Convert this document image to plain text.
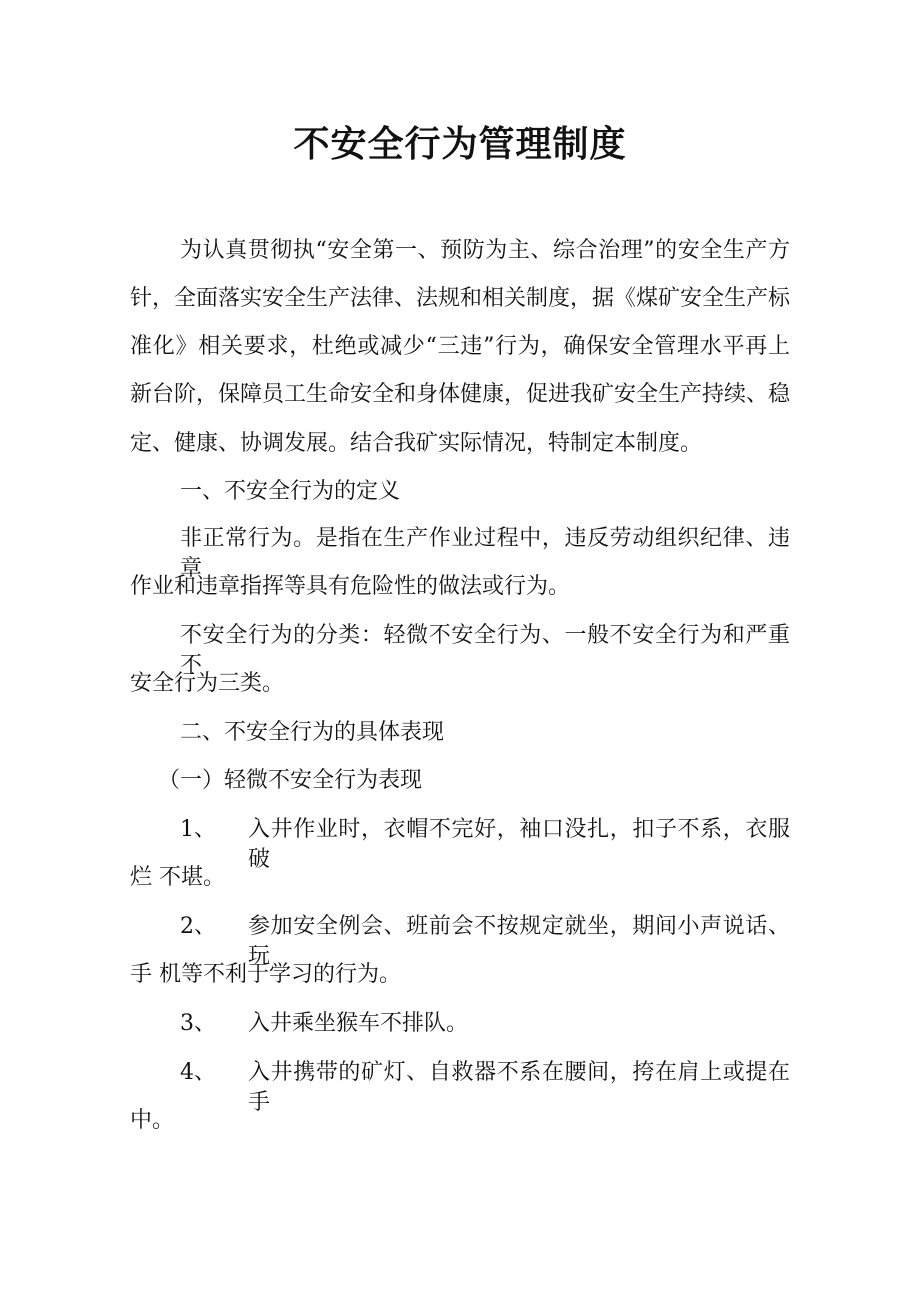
不安全行为管理制度
为认真贯彻执“安全第一、预防为主、综合治理”的安全生产方
针，全面落实安全生产法律、法规和相关制度，据《煤矿安全生产标
准化》相关要求，杜绝或减少“三违”行为，确保安全管理水平再上
新台阶，保障员工生命安全和身体健康，促进我矿安全生产持续、稳
定、健康、协调发展。结合我矿实际情况，特制定本制度。
一、不安全行为的定义
非正常行为。是指在生产作业过程中，违反劳动组织纪律、违章
作业和违章指挥等具有危险性的做法或行为。
不安全行为的分类：轻微不安全行为、一般不安全行为和严重不
安全行为三类。
二、不安全行为的具体表现
（一）轻微不安全行为表现
1、 入井作业时，衣帽不完好，袖口没扎，扣子不系，衣服破
烂 不堪。
2、 参加安全例会、班前会不按规定就坐，期间小声说话、玩
手 机等不利于学习的行为。
3、 入井乘坐猴车不排队。
4、 入井携带的矿灯、自救器不系在腰间，挎在肩上或提在手
中。
